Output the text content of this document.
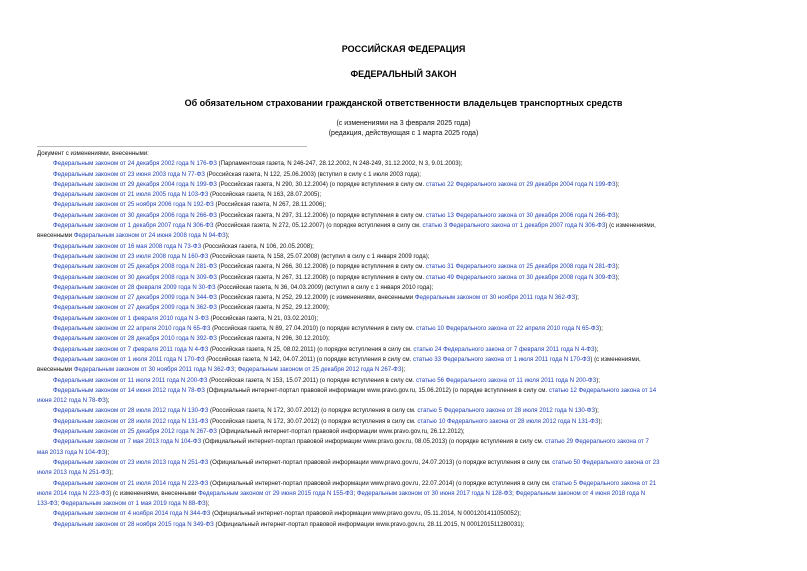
РОССИЙСКАЯ ФЕДЕРАЦИЯ
ФЕДЕРАЛЬНЫЙ ЗАКОН
Об обязательном страховании гражданской ответственности владельцев транспортных средств
(с изменениями на 3 февраля 2025 года)
(редакция, действующая с 1 марта 2025 года)
Документ с изменениями, внесенными:
Федеральным законом от 24 декабря 2002 года N 176-ФЗ (Парламентская газета, N 246-247, 28.12.2002, N 248-249, 31.12.2002, N 3, 9.01.2003);
Федеральным законом от 23 июня 2003 года N 77-ФЗ (Российская газета, N 122, 25.06.2003) (вступил в силу с 1 июля 2003 года);
Федеральным законом от 29 декабря 2004 года N 199-ФЗ (Российская газета, N 290, 30.12.2004) (о порядке вступления в силу см. статью 22 Федерального закона от 29 декабря 2004 года N 199-ФЗ);
Федеральным законом от 21 июля 2005 года N 103-ФЗ (Российская газета, N 163, 28.07.2005);
Федеральным законом от 25 ноября 2006 года N 192-ФЗ (Российская газета, N 267, 28.11.2006);
Федеральным законом от 30 декабря 2006 года N 266-ФЗ (Российская газета, N 297, 31.12.2006) (о порядке вступления в силу см. статью 13 Федерального закона от 30 декабря 2006 года N 266-ФЗ);
Федеральным законом от 1 декабря 2007 года N 306-ФЗ (Российская газета, N 272, 05.12.2007) (о порядке вступления в силу см. статью 3 Федерального закона от 1 декабря 2007 года N 306-ФЗ) (с изменениями,
внесенными Федеральным законом от 24 июня 2008 года N 94-ФЗ);
Федеральным законом от 16 мая 2008 года N 73-ФЗ (Российская газета, N 106, 20.05.2008);
Федеральным законом от 23 июля 2008 года N 160-ФЗ (Российская газета, N 158, 25.07.2008) (вступил в силу с 1 января 2009 года);
Федеральным законом от 25 декабря 2008 года N 281-ФЗ (Российская газета, N 266, 30.12.2008) (о порядке вступления в силу см. статью 31 Федерального закона от 25 декабря 2008 года N 281-ФЗ);
Федеральным законом от 30 декабря 2008 года N 309-ФЗ (Российская газета, N 267, 31.12.2008) (о порядке вступления в силу см. статью 49 Федерального закона от 30 декабря 2008 года N 309-ФЗ);
Федеральным законом от 28 февраля 2009 года N 30-ФЗ (Российская газета, N 36, 04.03.2009) (вступил в силу с 1 января 2010 года);
Федеральным законом от 27 декабря 2009 года N 344-ФЗ (Российская газета, N 252, 29.12.2009) (с изменениями, внесенными Федеральным законом от 30 ноября 2011 года N 362-ФЗ);
Федеральным законом от 27 декабря 2009 года N 362-ФЗ (Российская газета, N 252, 29.12.2009);
Федеральным законом от 1 февраля 2010 года N 3-ФЗ (Российская газета, N 21, 03.02.2010);
Федеральным законом от 22 апреля 2010 года N 65-ФЗ (Российская газета, N 89, 27.04.2010) (о порядке вступления в силу см. статью 10 Федерального закона от 22 апреля 2010 года N 65-ФЗ);
Федеральным законом от 28 декабря 2010 года N 392-ФЗ (Российская газета, N 296, 30.12.2010);
Федеральным законом от 7 февраля 2011 года N 4-ФЗ (Российская газета, N 25, 08.02.2011) (о порядке вступления в силу см. статью 24 Федерального закона от 7 февраля 2011 года N 4-ФЗ);
Федеральным законом от 1 июля 2011 года N 170-ФЗ (Российская газета, N 142, 04.07.2011) (о порядке вступления в силу см. статью 33 Федерального закона от 1 июля 2011 года N 170-ФЗ) (с изменениями,
внесенными Федеральным законом от 30 ноября 2011 года N 362-ФЗ; Федеральным законом от 25 декабря 2012 года N 267-ФЗ);
Федеральным законом от 11 июля 2011 года N 200-ФЗ (Российская газета, N 153, 15.07.2011) (о порядке вступления в силу см. статью 56 Федерального закона от 11 июля 2011 года N 200-ФЗ);
Федеральным законом от 14 июня 2012 года N 78-ФЗ (Официальный интернет-портал правовой информации www.pravo.gov.ru, 15.06.2012) (о порядке вступления в силу см. статью 12 Федерального закона от 14
июня 2012 года N 78-ФЗ);
Федеральным законом от 28 июля 2012 года N 130-ФЗ (Российская газета, N 172, 30.07.2012) (о порядке вступления в силу см. статью 5 Федерального закона от 28 июля 2012 года N 130-ФЗ);
Федеральным законом от 28 июля 2012 года N 131-ФЗ (Российская газета, N 172, 30.07.2012) (о порядке вступления в силу см. статью 10 Федерального закона от 28 июля 2012 года N 131-ФЗ);
Федеральным законом от 25 декабря 2012 года N 267-ФЗ (Официальный интернет-портал правовой информации www.pravo.gov.ru, 26.12.2012);
Федеральным законом от 7 мая 2013 года N 104-ФЗ (Официальный интернет-портал правовой информации www.pravo.gov.ru, 08.05.2013) (о порядке вступления в силу см. статью 29 Федерального закона от 7
мая 2013 года N 104-ФЗ);
Федеральным законом от 23 июля 2013 года N 251-ФЗ (Официальный интернет-портал правовой информации www.pravo.gov.ru, 24.07.2013) (о порядке вступления в силу см. статью 50 Федерального закона от 23
июля 2013 года N 251-ФЗ);
Федеральным законом от 21 июля 2014 года N 223-ФЗ (Официальный интернет-портал правовой информации www.pravo.gov.ru, 22.07.2014) (о порядке вступления в силу см. статью 5 Федерального закона от 21
июля 2014 года N 223-ФЗ) (с изменениями, внесенными Федеральным законом от 29 июня 2015 года N 155-ФЗ; Федеральным законом от 30 июня 2017 года N 128-ФЗ; Федеральным законом от 4 июня 2018 года N
133-ФЗ; Федеральным законом от 1 мая 2019 года N 88-ФЗ);
Федеральным законом от 4 ноября 2014 года N 344-ФЗ (Официальный интернет-портал правовой информации www.pravo.gov.ru, 05.11.2014, N 0001201411050052);
Федеральным законом от 28 ноября 2015 года N 349-ФЗ (Официальный интернет-портал правовой информации www.pravo.gov.ru, 28.11.2015, N 0001201511280031);
